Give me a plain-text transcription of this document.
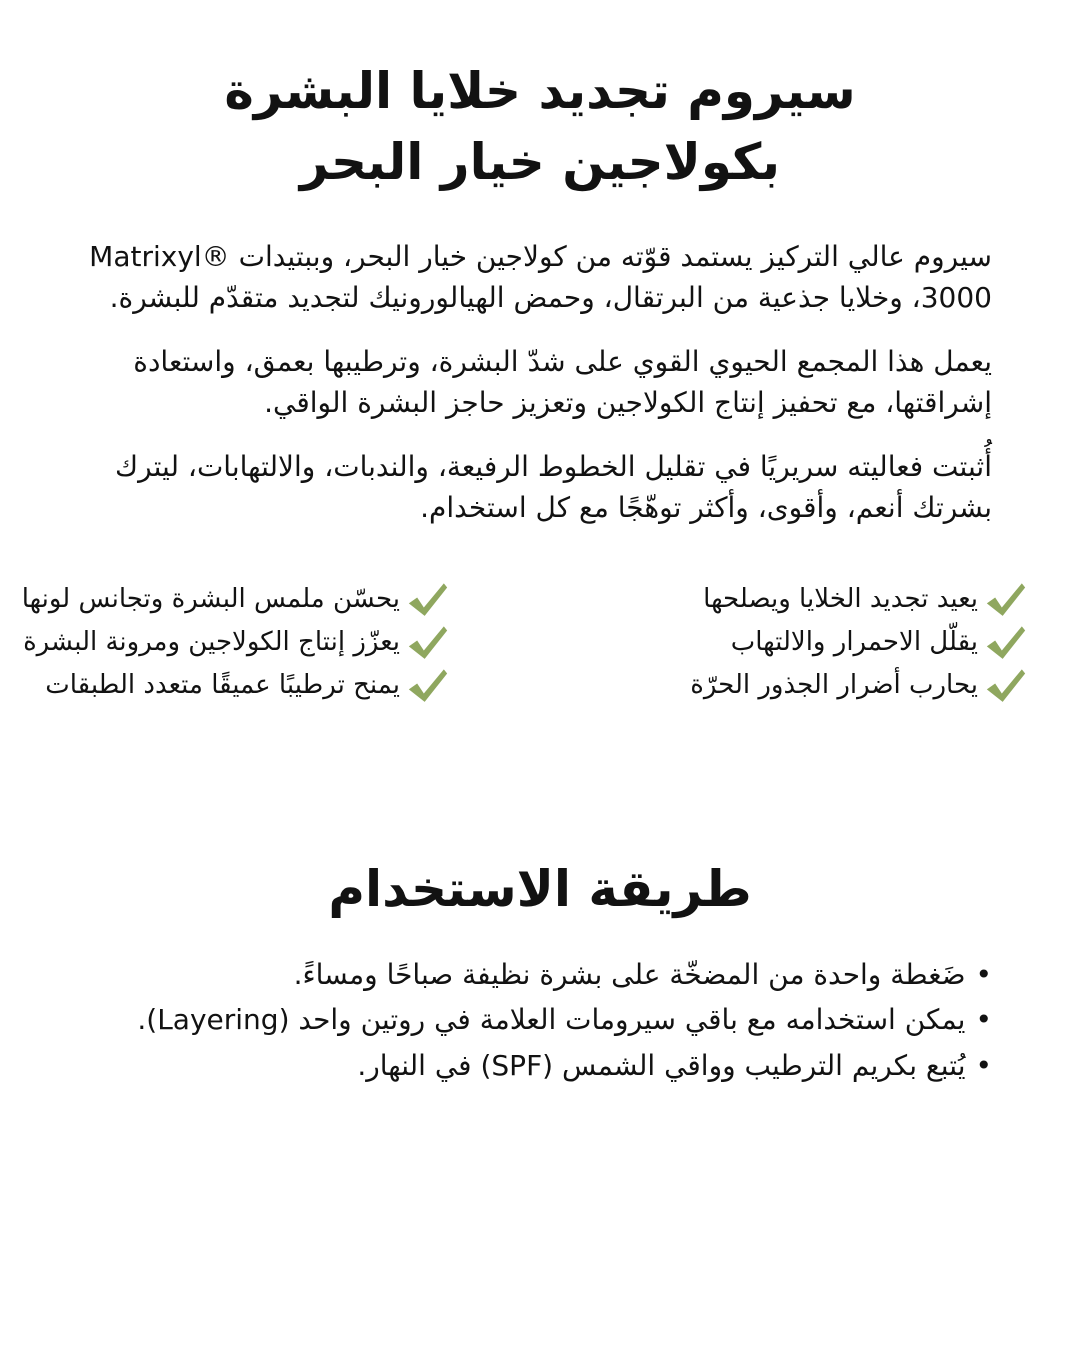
سيروم تجديد خلايا البشرة
بكولاجين خيار البحر

سيروم عالي التركيز يستمد قوّته من كولاجين خيار البحر، وببتيدات Matrixyl® 3000، وخلايا جذعية من البرتقال، وحمض الهيالورونيك لتجديد متقدّم للبشرة.

يعمل هذا المجمع الحيوي القوي على شدّ البشرة، وترطيبها بعمق، واستعادة إشراقتها، مع تحفيز إنتاج الكولاجين وتعزيز حاجز البشرة الواقي.

أُثبتت فعاليته سريريًا في تقليل الخطوط الرفيعة، والندبات، والالتهابات، ليترك بشرتك أنعم، وأقوى، وأكثر توهّجًا مع كل استخدام.

يعيد تجديد الخلايا ويصلحها
يقلّل الاحمرار والالتهاب
يحارب أضرار الجذور الحرّة
يحسّن ملمس البشرة وتجانس لونها
يعزّز إنتاج الكولاجين ومرونة البشرة
يمنح ترطيبًا عميقًا متعدد الطبقات
طريقة الاستخدام
•ضَغطة واحدة من المضخّة على بشرة نظيفة صباحًا ومساءً.
•يمكن استخدامه مع باقي سيرومات العلامة في روتين واحد (Layering).
•يُتبع بكريم الترطيب وواقي الشمس (SPF) في النهار.
